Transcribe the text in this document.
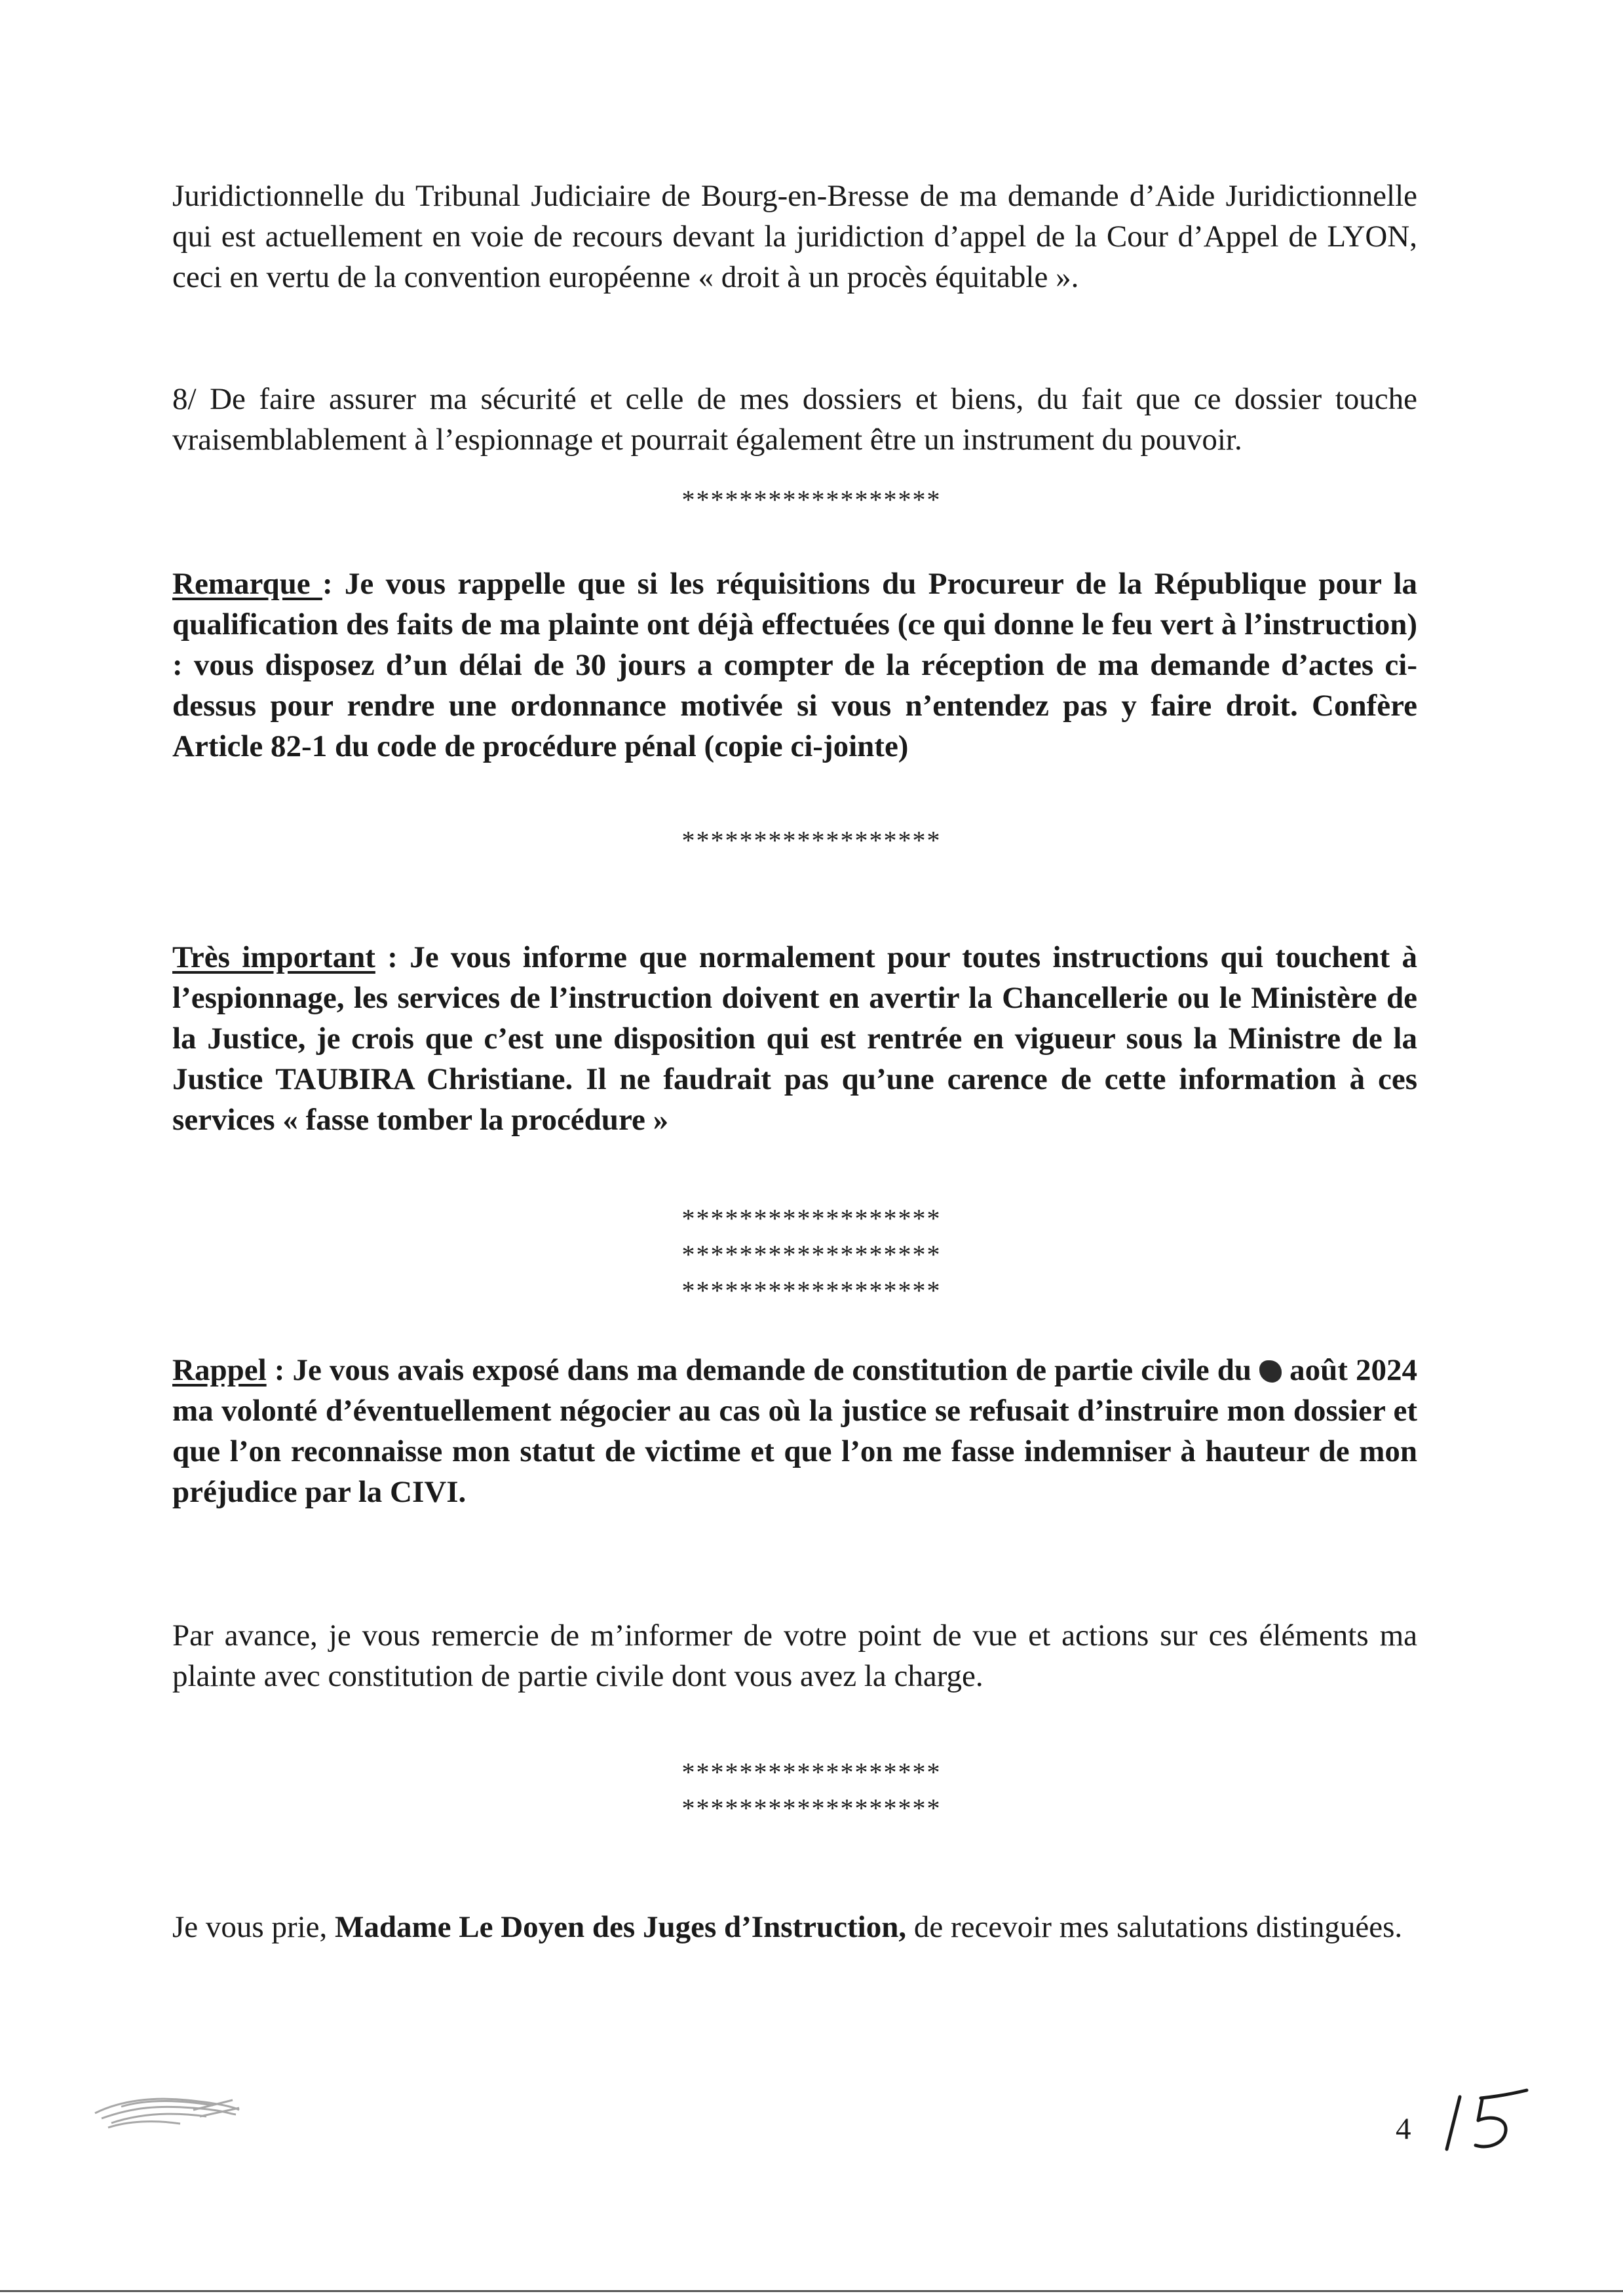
Juridictionnelle du Tribunal Judiciaire de Bourg-en-Bresse de ma demande d’Aide Juridictionnelle qui est actuellement en voie de recours devant la juridiction d’appel de la Cour d’Appel de LYON, ceci en vertu de la convention européenne « droit à un procès équitable ».

8/ De faire assurer ma sécurité et celle de mes dossiers et biens, du fait que ce dossier touche vraisemblablement à l’espionnage et pourrait également être un instrument du pouvoir.

******************

Remarque : Je vous rappelle que si les réquisitions du Procureur de la République pour la qualification des faits de ma plainte ont déjà effectuées (ce qui donne le feu vert à l’instruction) : vous disposez d’un délai de 30 jours a compter de la réception de ma demande d’actes ci-dessus pour rendre une ordonnance motivée si vous n’entendez pas y faire droit. Confère Article 82-1 du code de procédure pénal (copie ci-jointe)

******************

Très important : Je vous informe que normalement pour toutes instructions qui touchent à l’espionnage, les services de l’instruction doivent en avertir la Chancellerie ou le Ministère de la Justice, je crois que c’est une disposition qui est rentrée en vigueur sous la Ministre de la Justice TAUBIRA Christiane. Il ne faudrait pas qu’une carence de cette information à ces services « fasse tomber la procédure »

******************
******************
******************

Rappel : Je vous avais exposé dans ma demande de constitution de partie civile du août 2024 ma volonté d’éventuellement négocier au cas où la justice se refusait d’instruire mon dossier et que l’on reconnaisse mon statut de victime et que l’on me fasse indemniser à hauteur de mon préjudice par la CIVI.

Par avance, je vous remercie de m’informer de votre point de vue et actions sur ces éléments ma plainte avec constitution de partie civile dont vous avez la charge.

******************
******************

Je vous prie, Madame Le Doyen des Juges d’Instruction, de recevoir mes salutations distinguées.

4
